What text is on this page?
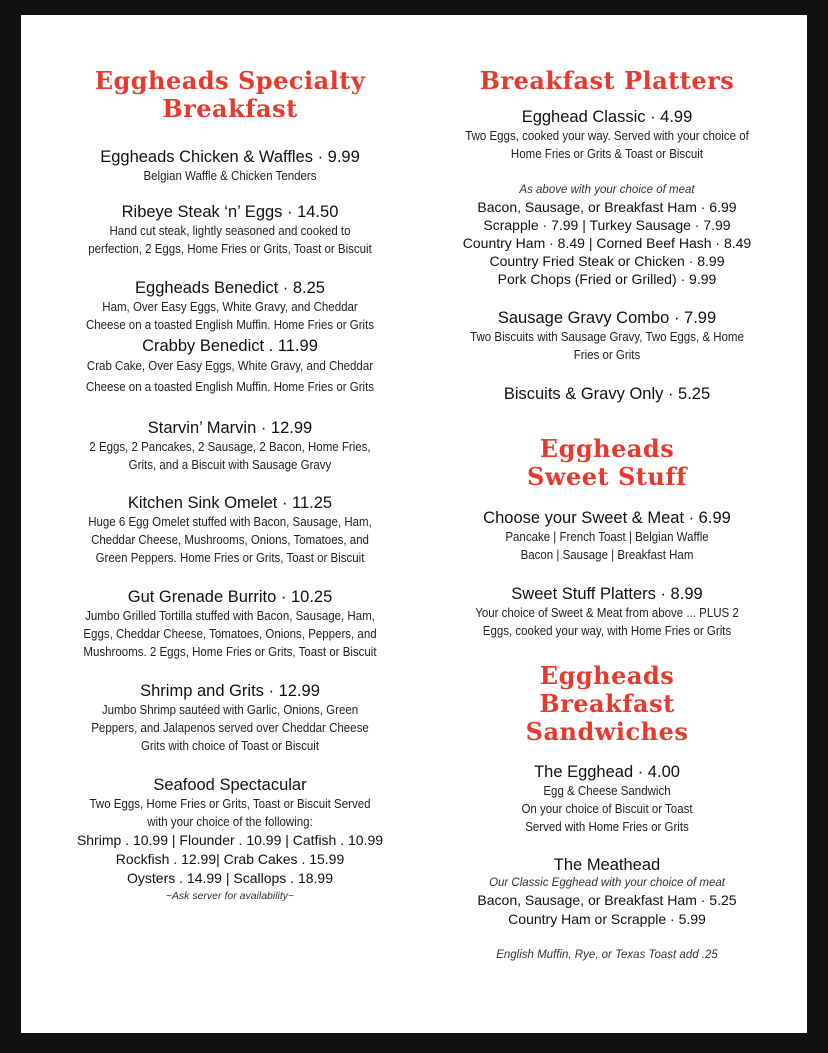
Eggheads Specialty
Breakfast
Eggheads Chicken & Waffles · 9.99
Belgian Waffle & Chicken Tenders
Ribeye Steak ‘n’ Eggs · 14.50
Hand cut steak, lightly seasoned and cooked to
perfection, 2 Eggs, Home Fries or Grits, Toast or Biscuit
Eggheads Benedict · 8.25
Ham, Over Easy Eggs, White Gravy, and Cheddar
Cheese on a toasted English Muffin. Home Fries or Grits
Crabby Benedict . 11.99
Crab Cake, Over Easy Eggs, White Gravy, and Cheddar
Cheese on a toasted English Muffin. Home Fries or Grits
Starvin’ Marvin · 12.99
2 Eggs, 2 Pancakes, 2 Sausage, 2 Bacon, Home Fries,
Grits, and a Biscuit with Sausage Gravy
Kitchen Sink Omelet · 11.25
Huge 6 Egg Omelet stuffed with Bacon, Sausage, Ham,
Cheddar Cheese, Mushrooms, Onions, Tomatoes, and
Green Peppers. Home Fries or Grits, Toast or Biscuit
Gut Grenade Burrito · 10.25
Jumbo Grilled Tortilla stuffed with Bacon, Sausage, Ham,
Eggs, Cheddar Cheese, Tomatoes, Onions, Peppers, and
Mushrooms. 2 Eggs, Home Fries or Grits, Toast or Biscuit
Shrimp and Grits · 12.99
Jumbo Shrimp sautéed with Garlic, Onions, Green
Peppers, and Jalapenos served over Cheddar Cheese
Grits with choice of Toast or Biscuit
Seafood Spectacular
Two Eggs, Home Fries or Grits, Toast or Biscuit Served
with your choice of the following:
Shrimp . 10.99 | Flounder . 10.99 | Catfish . 10.99
Rockfish . 12.99| Crab Cakes . 15.99
Oysters . 14.99 | Scallops . 18.99
~Ask server for availability~
Breakfast Platters
Egghead Classic · 4.99
Two Eggs, cooked your way. Served with your choice of
Home Fries or Grits & Toast or Biscuit
As above with your choice of meat
Bacon, Sausage, or Breakfast Ham · 6.99
Scrapple · 7.99 | Turkey Sausage · 7.99
Country Ham · 8.49 | Corned Beef Hash · 8.49
Country Fried Steak or Chicken · 8.99
Pork Chops (Fried or Grilled) · 9.99
Sausage Gravy Combo · 7.99
Two Biscuits with Sausage Gravy, Two Eggs, & Home
Fries or Grits
Biscuits & Gravy Only · 5.25
Eggheads
Sweet Stuff
Choose your Sweet & Meat · 6.99
Pancake | French Toast | Belgian Waffle
Bacon | Sausage | Breakfast Ham
Sweet Stuff Platters · 8.99
Your choice of Sweet & Meat from above ... PLUS 2
Eggs, cooked your way, with Home Fries or Grits
Eggheads
Breakfast
Sandwiches
The Egghead · 4.00
Egg & Cheese Sandwich
On your choice of Biscuit or Toast
Served with Home Fries or Grits
The Meathead
Our Classic Egghead with your choice of meat
Bacon, Sausage, or Breakfast Ham · 5.25
Country Ham or Scrapple · 5.99
English Muffin, Rye, or Texas Toast add .25
